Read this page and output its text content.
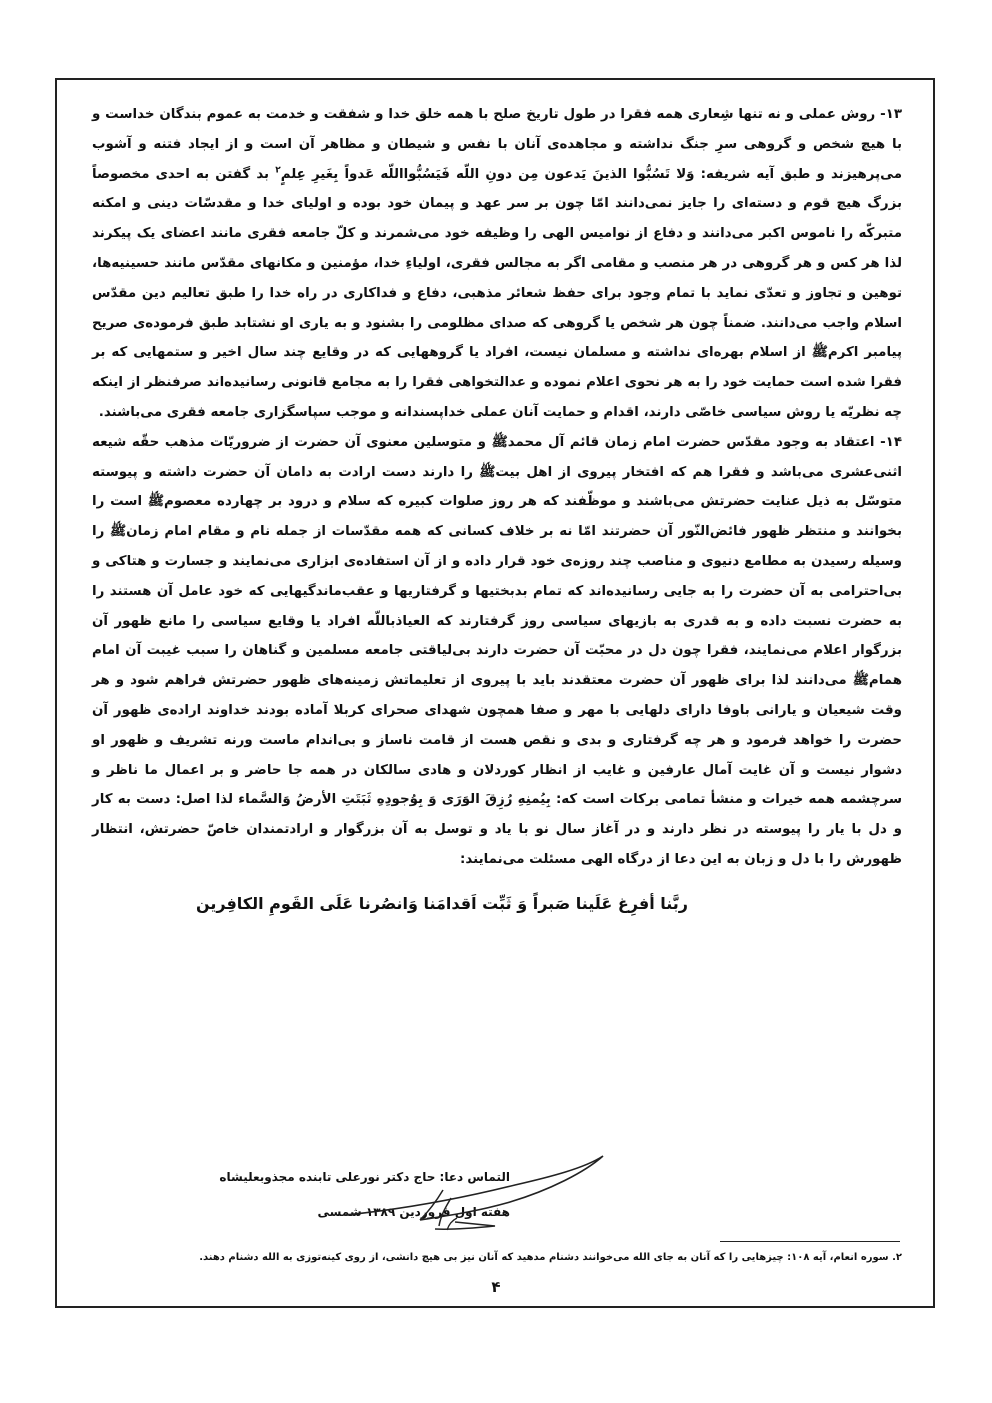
۱۳- روش عملی و نه تنها شِعاری همه فقرا در طول تاریخ صلح با همه خلق خدا و شفقت و خدمت به عموم بندگان خداست و با هیچ شخص و گروهی سرِ جنگ نداشته و مجاهده‌ی آنان با نفس و شیطان و مظاهر آن است و از ایجاد فتنه و آشوب می‌پرهیزند و طبق آیه شریفه: وَلا تَسُبُّوا الذینَ یَدعون مِن دونِ اللّه فَیَسُبُّوااللّه عَدواً بِغَیرِ عِلمٍ$^۲$ بد گفتن به احدی مخصوصاً بزرگ هیچ قوم و دسته‌ای را جایز نمی‌دانند امّا چون بر سر عهد و پیمان خود بوده و اولیای خدا و مقدسّات دینی و امکنه متبرکّه را ناموس اکبر می‌دانند و دفاع از نوامیس الهی را وظیفه خود می‌شمرند و کلّ جامعه فقری مانند اعضای یک پیکرند لذا هر کس و هر گروهی در هر منصب و مقامی اگر به مجالس فقری، اولیاءِ خدا، مؤمنین و مکانهای مقدّس مانند حسینیه‌ها، توهین و تجاوز و تعدّی نماید با تمام وجود برای حفظ شعائر مذهبی، دفاع و فداکاری در راه خدا را طبق تعالیم دین مقدّس اسلام واجب می‌دانند. ضمناً چون هر شخص یا گروهی که صدای مظلومی را بشنود و به یاری او نشتابد طبق فرموده‌ی صریح پیامبر اکرمﷺ از اسلام بهره‌ای نداشته و مسلمان نیست، افراد یا گروههایی که در وقایع چند سال اخیر و ستمهایی که بر فقرا شده است حمایت خود را به هر نحوی اعلام نموده و عدالتخواهی فقرا را به مجامع قانونی رسانیده‌اند صرفنظر از اینکه چه نظریّه یا روش سیاسی خاصّی دارند، اقدام و حمایت آنان عملی خداپسندانه و موجب سپاسگزاری جامعه فقری می‌باشند.

۱۴- اعتقاد به وجود مقدّس حضرت امام زمان قائم آل محمدﷺ و متوسلین معنوی آن حضرت از ضروریّات مذهب حقّه شیعه اثنی‌عشری می‌باشد و فقرا هم که افتخار پیروی از اهل بیتﷺ را دارند دست ارادت به دامان آن حضرت داشته و پیوسته متوسّل به ذیل عنایت حضرتش می‌باشند و موظّفند که هر روز صلوات کبیره که سلام و درود بر چهارده معصومﷺ است را بخوانند و منتظر ظهور فائض‌النّور آن حضرتند امّا نه بر خلاف کسانی که همه مقدّسات از جمله نام و مقام امام زمانﷺ را وسیله رسیدن به مطامع دنیوی و مناصب چند روزه‌ی خود قرار داده و از آن استفاده‌ی ابزاری می‌نمایند و جسارت و هتاکی و بی‌احترامی به آن حضرت را به جایی رسانیده‌اند که تمام بدبختیها و گرفتاریها و عقب‌ماندگیهایی که خود عامل آن هستند را به حضرت نسبت داده و به قدری به بازیهای سیاسی روز گرفتارند که العیاذباللّه افراد یا وقایع سیاسی را مانع ظهور آن بزرگوار اعلام می‌نمایند، فقرا چون دل در محبّت آن حضرت دارند بی‌لیاقتی جامعه مسلمین و گناهان را سبب غیبت آن امام همامﷺ می‌دانند لذا برای ظهور آن حضرت معتقدند باید با پیروی از تعلیماتش زمینه‌های ظهور حضرتش فراهم شود و هر وقت شیعیان و یارانی باوفا دارای دلهایی با مهر و صفا همچون شهدای صحرای کربلا آماده بودند خداوند اراده‌ی ظهور آن حضرت را خواهد فرمود و هر چه گرفتاری و بدی و نقص هست از قامت ناساز و بی‌اندام ماست ورنه تشریف و ظهور او دشوار نیست و آن غایت آمال عارفین و غایب از انظار کوردلان و هادی سالکان در همه جا حاضر و بر اعمال ما ناظر و سرچشمه همه خیرات و منشأ تمامی برکات است که: بِیُمنِهِ رُزِقَ الوَرَی وَ بِوُجودِهِ ثَبَتَتِ الأرضُ وَالسَّماء لذا اصل: دست به کار و دل با یار را پیوسته در نظر دارند و در آغاز سال نو با یاد و توسل به آن بزرگوار و ارادتمندان خاصّ حضرتش، انتظار ظهورش را با دل و زبان به این دعا از درگاه الهی مسئلت می‌نمایند:

ربَّنا أفرِغ عَلَینا صَبراً وَ ثَبِّت اَقدامَنا وَانصُرنا عَلَی القَومِ الکافِرین
التماس دعا: حاج دکتر نورعلی تابنده مجذوبعلیشاه
هفته اول فروردین ۱۳۸۹ شمسی
۲. سوره انعام، آیه ۱۰۸: چیزهایی را که آنان به جای الله می‌خوانند دشنام مدهید که آنان نیز بی هیچ دانشی، از روی کینه‌توزی به الله دشنام دهند.
۴
